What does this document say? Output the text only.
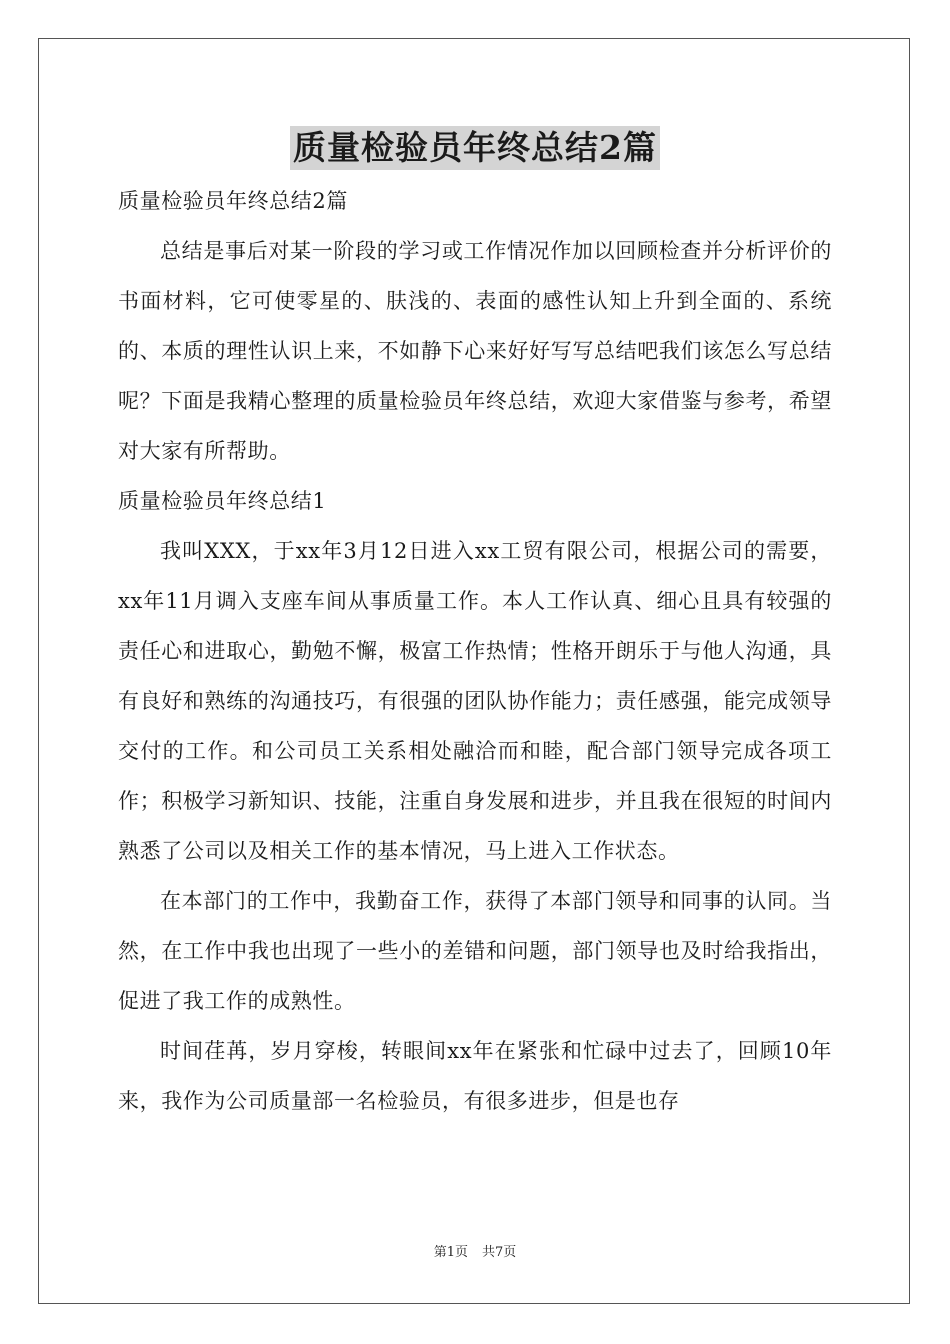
质量检验员年终总结2篇

质量检验员年终总结2篇

总结是事后对某一阶段的学习或工作情况作加以回顾检查并分析评价的书面材料，它可使零星的、肤浅的、表面的感性认知上升到全面的、系统的、本质的理性认识上来，不如静下心来好好写写总结吧我们该怎么写总结呢？下面是我精心整理的质量检验员年终总结，欢迎大家借鉴与参考，希望对大家有所帮助。

质量检验员年终总结1

我叫XXX，于xx年3月12日进入xx工贸有限公司，根据公司的需要，xx年11月调入支座车间从事质量工作。本人工作认真、细心且具有较强的责任心和进取心，勤勉不懈，极富工作热情；性格开朗乐于与他人沟通，具有良好和熟练的沟通技巧，有很强的团队协作能力；责任感强，能完成领导交付的工作。和公司员工关系相处融洽而和睦，配合部门领导完成各项工作；积极学习新知识、技能，注重自身发展和进步，并且我在很短的时间内熟悉了公司以及相关工作的基本情况，马上进入工作状态。

在本部门的工作中，我勤奋工作，获得了本部门领导和同事的认同。当然，在工作中我也出现了一些小的差错和问题，部门领导也及时给我指出，促进了我工作的成熟性。

时间荏苒，岁月穿梭，转眼间xx年在紧张和忙碌中过去了，回顾10年来，我作为公司质量部一名检验员，有很多进步，但是也存

第1页 共7页
